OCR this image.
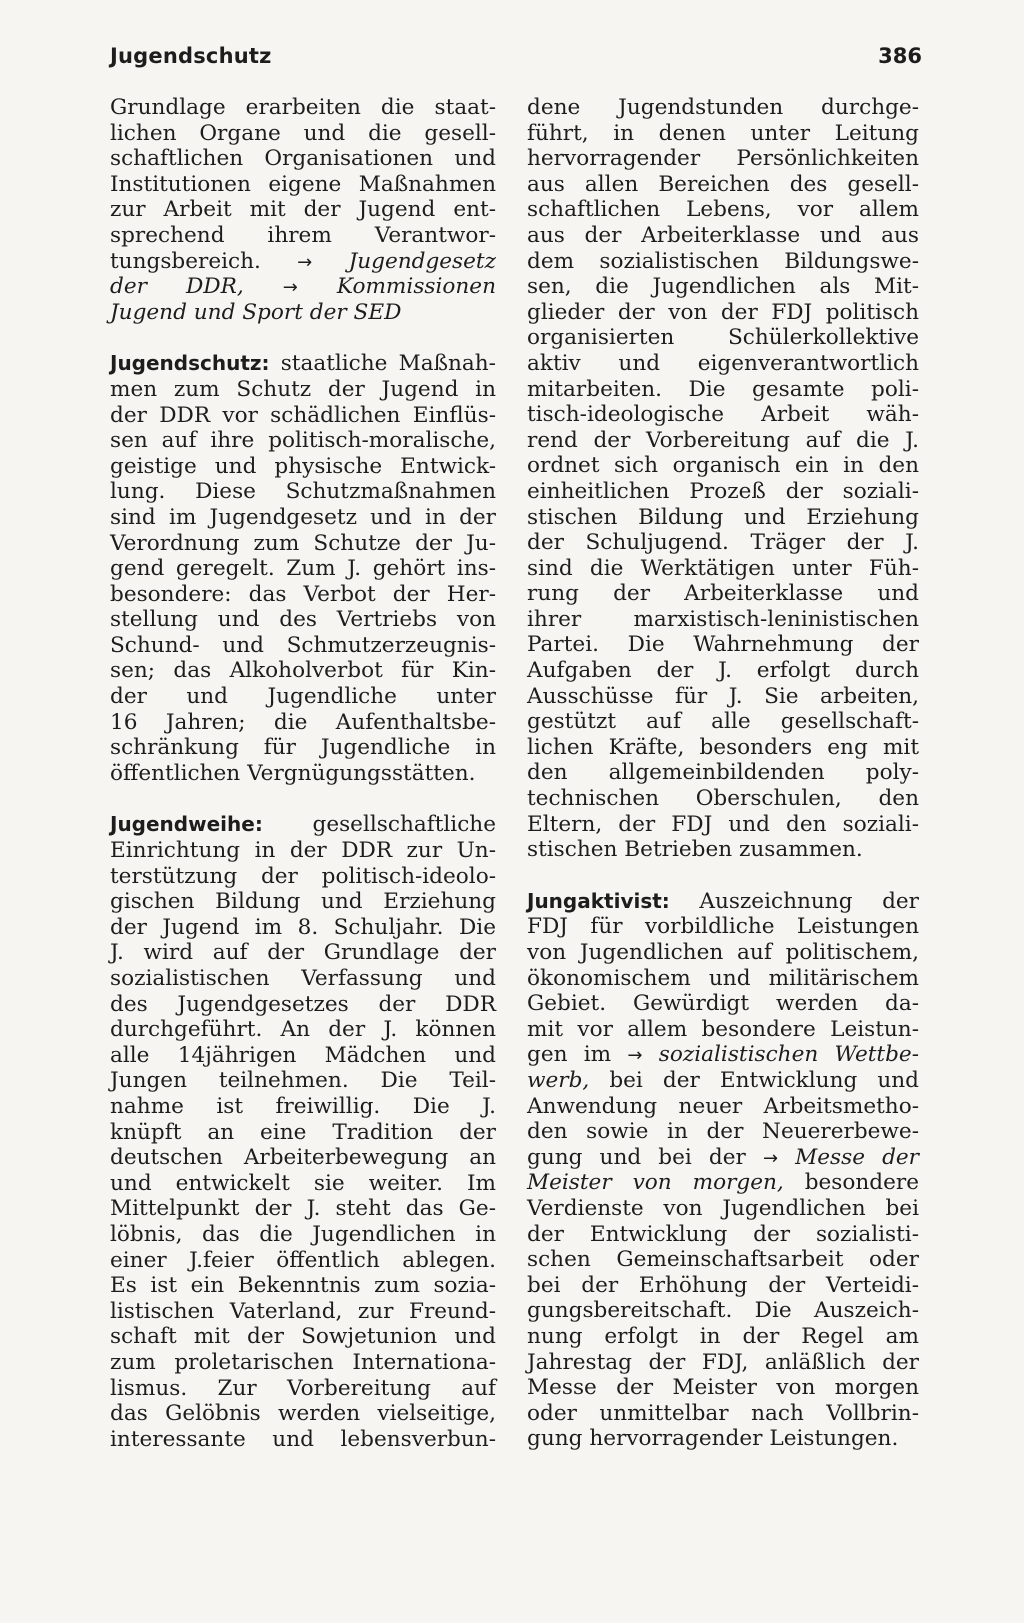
Jugendschutz	386
Grundlage erarbeiten die staat-
lichen Organe und die gesell-
schaftlichen Organisationen und
Institutionen eigene Maßnahmen
zur Arbeit mit der Jugend ent-
sprechend ihrem Verantwor-
tungsbereich. → Jugendgesetz
der DDR, → Kommissionen
Jugend und Sport der SED
Jugendschutz: staatliche Maßnah-
men zum Schutz der Jugend in
der DDR vor schädlichen Einflüs-
sen auf ihre politisch-moralische,
geistige und physische Entwick-
lung. Diese Schutzmaßnahmen
sind im Jugendgesetz und in der
Verordnung zum Schutze der Ju-
gend geregelt. Zum J. gehört ins-
besondere: das Verbot der Her-
stellung und des Vertriebs von
Schund- und Schmutzerzeugnis-
sen; das Alkoholverbot für Kin-
der und Jugendliche unter
16 Jahren; die Aufenthaltsbe-
schränkung für Jugendliche in
öffentlichen Vergnügungsstätten.
Jugendweihe: gesellschaftliche
Einrichtung in der DDR zur Un-
terstützung der politisch-ideolo-
gischen Bildung und Erziehung
der Jugend im 8. Schuljahr. Die
J. wird auf der Grundlage der
sozialistischen Verfassung und
des Jugendgesetzes der DDR
durchgeführt. An der J. können
alle 14jährigen Mädchen und
Jungen teilnehmen. Die Teil-
nahme ist freiwillig. Die J.
knüpft an eine Tradition der
deutschen Arbeiterbewegung an
und entwickelt sie weiter. Im
Mittelpunkt der J. steht das Ge-
löbnis, das die Jugendlichen in
einer J.feier öffentlich ablegen.
Es ist ein Bekenntnis zum sozia-
listischen Vaterland, zur Freund-
schaft mit der Sowjetunion und
zum proletarischen Internationa-
lismus. Zur Vorbereitung auf
das Gelöbnis werden vielseitige,
interessante und lebensverbun-
dene Jugendstunden durchge-
führt, in denen unter Leitung
hervorragender Persönlichkeiten
aus allen Bereichen des gesell-
schaftlichen Lebens, vor allem
aus der Arbeiterklasse und aus
dem sozialistischen Bildungswe-
sen, die Jugendlichen als Mit-
glieder der von der FDJ politisch
organisierten Schülerkollektive
aktiv und eigenverantwortlich
mitarbeiten. Die gesamte poli-
tisch-ideologische Arbeit wäh-
rend der Vorbereitung auf die J.
ordnet sich organisch ein in den
einheitlichen Prozeß der soziali-
stischen Bildung und Erziehung
der Schuljugend. Träger der J.
sind die Werktätigen unter Füh-
rung der Arbeiterklasse und
ihrer marxistisch-leninistischen
Partei. Die Wahrnehmung der
Aufgaben der J. erfolgt durch
Ausschüsse für J. Sie arbeiten,
gestützt auf alle gesellschaft-
lichen Kräfte, besonders eng mit
den allgemeinbildenden poly-
technischen Oberschulen, den
Eltern, der FDJ und den soziali-
stischen Betrieben zusammen.
Jungaktivist: Auszeichnung der
FDJ für vorbildliche Leistungen
von Jugendlichen auf politischem,
ökonomischem und militärischem
Gebiet. Gewürdigt werden da-
mit vor allem besondere Leistun-
gen im → sozialistischen Wettbe-
werb, bei der Entwicklung und
Anwendung neuer Arbeitsmetho-
den sowie in der Neuererbewe-
gung und bei der → Messe der
Meister von morgen, besondere
Verdienste von Jugendlichen bei
der Entwicklung der sozialisti-
schen Gemeinschaftsarbeit oder
bei der Erhöhung der Verteidi-
gungsbereitschaft. Die Auszeich-
nung erfolgt in der Regel am
Jahrestag der FDJ, anläßlich der
Messe der Meister von morgen
oder unmittelbar nach Vollbrin-
gung hervorragender Leistungen.
